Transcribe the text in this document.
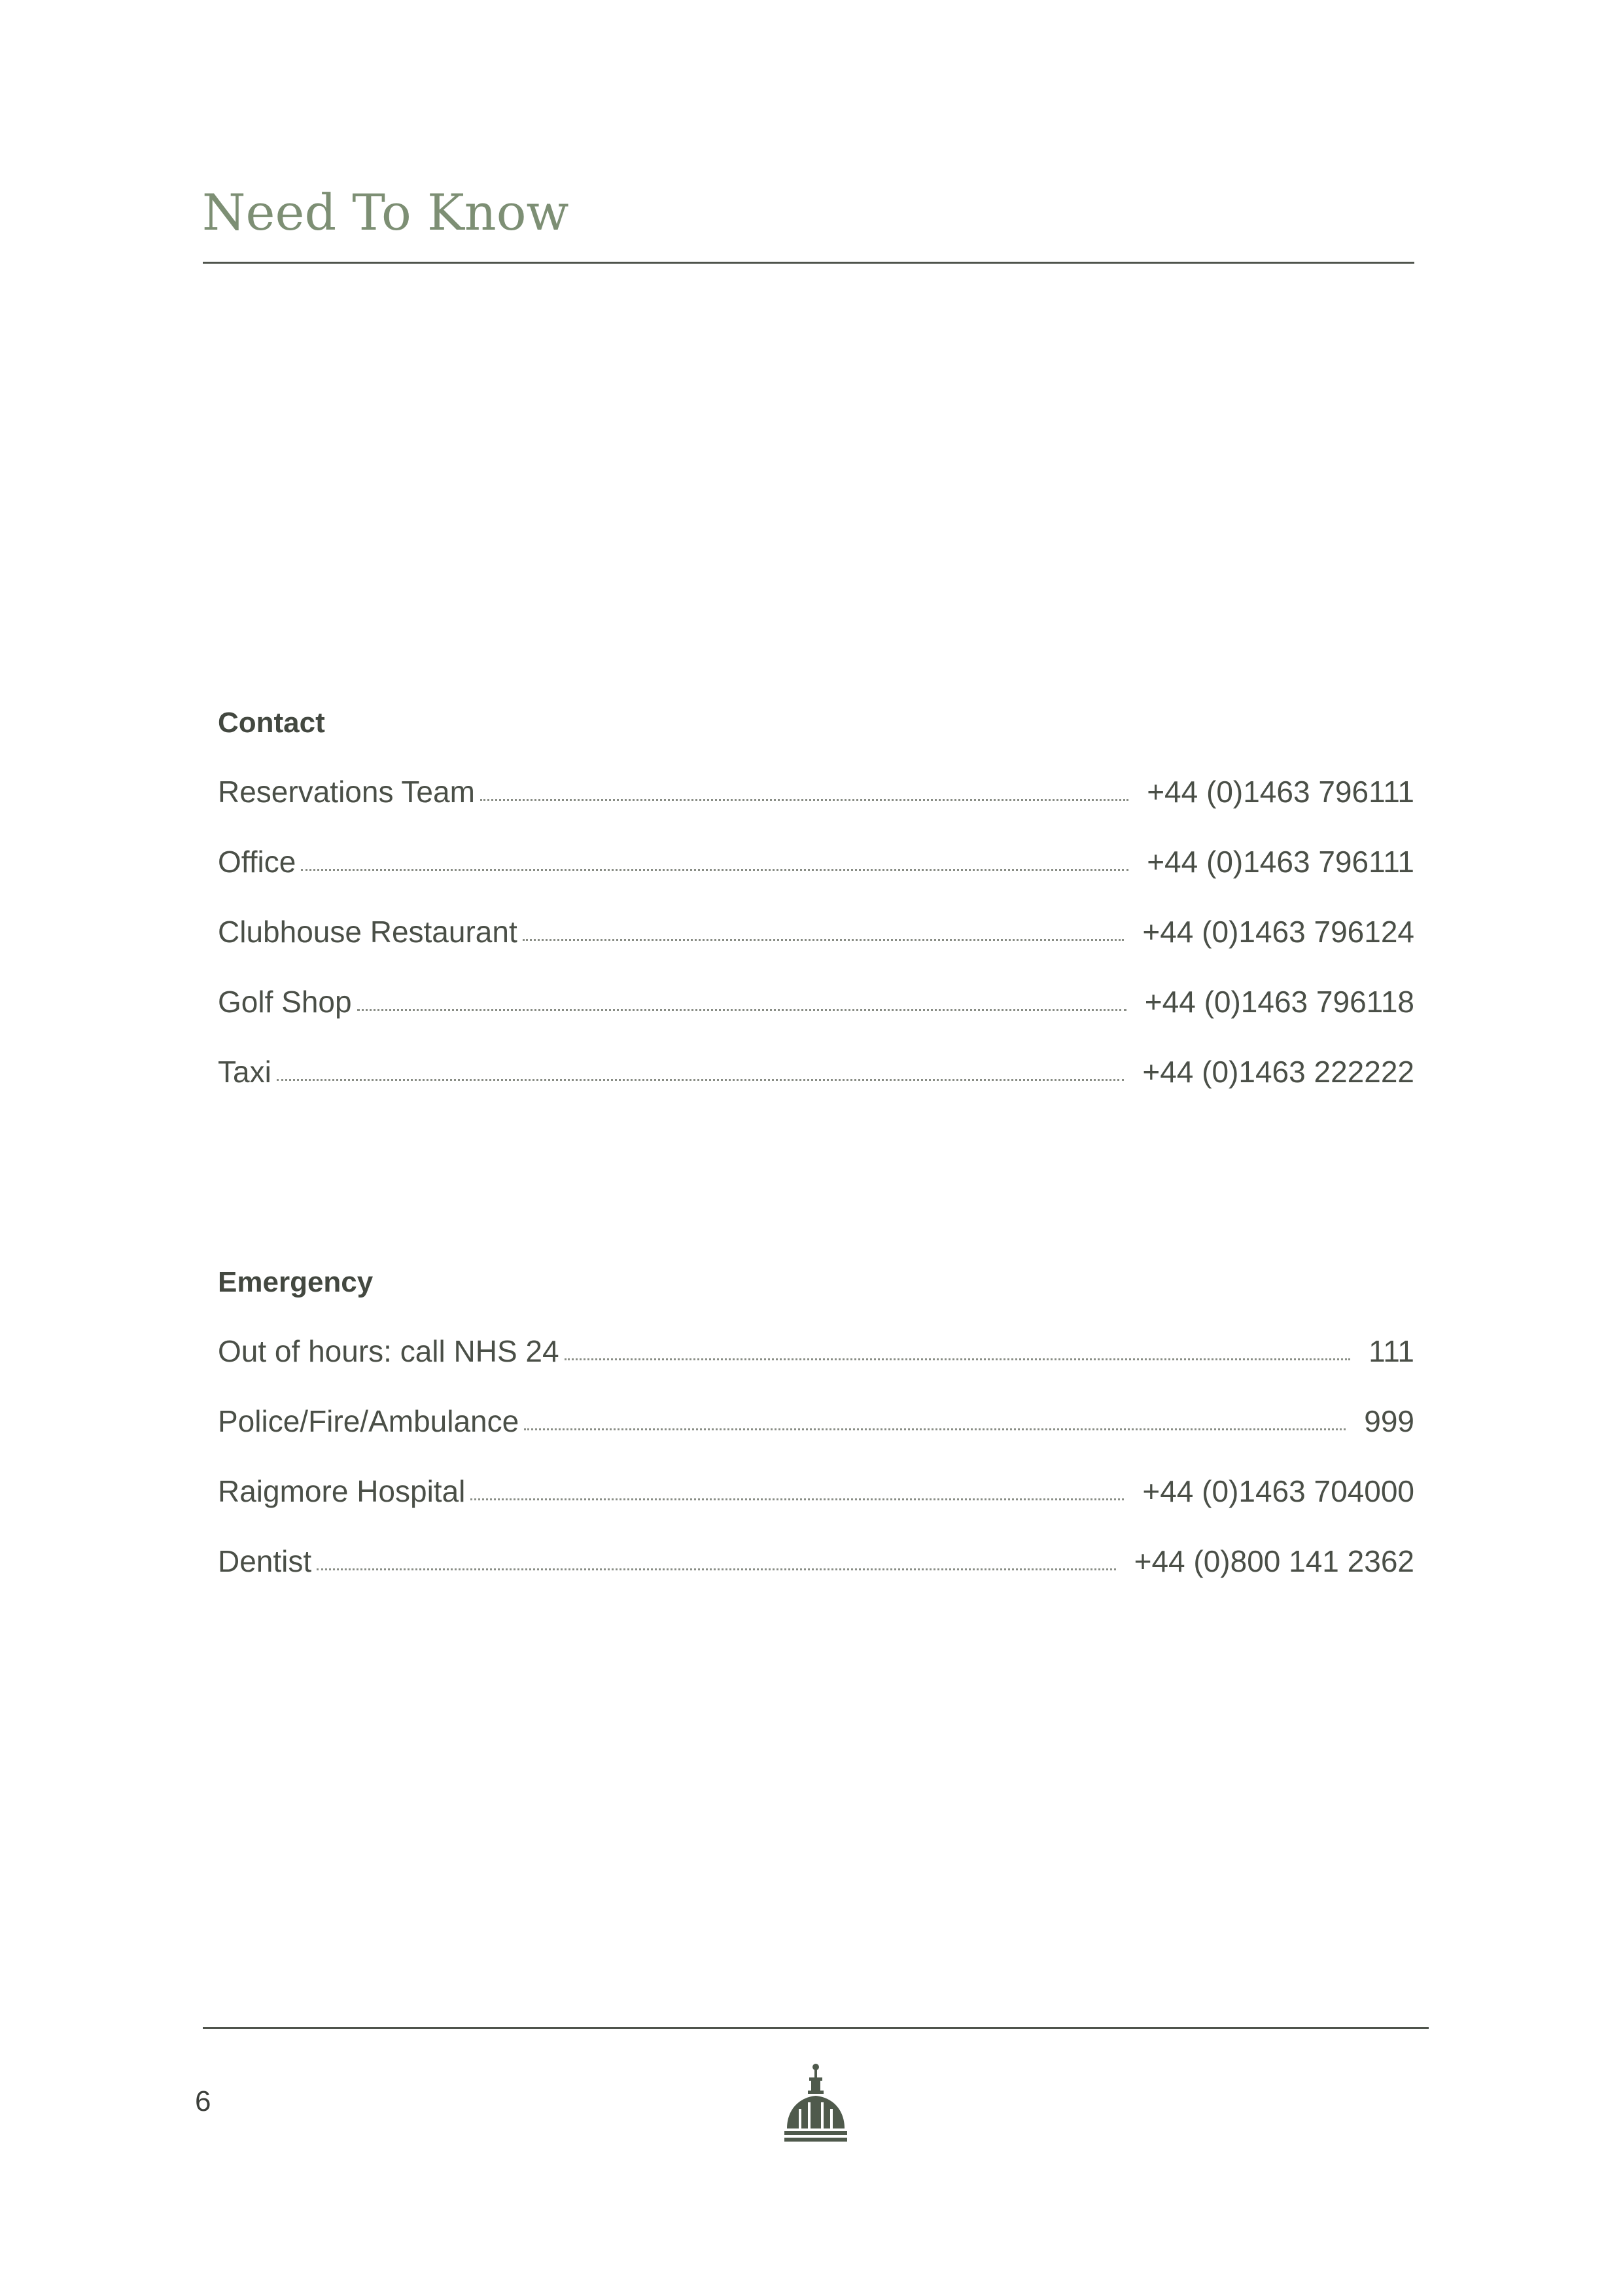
Need To Know
Contact
Reservations Team	+44 (0)1463 796111
Office	+44 (0)1463 796111
Clubhouse Restaurant	+44 (0)1463 796124
Golf Shop	+44 (0)1463 796118
Taxi	+44 (0)1463 222222
Emergency
Out of hours: call NHS 24	111
Police/Fire/Ambulance	999
Raigmore Hospital	+44 (0)1463 704000
Dentist	+44 (0)800 141 2362
6
